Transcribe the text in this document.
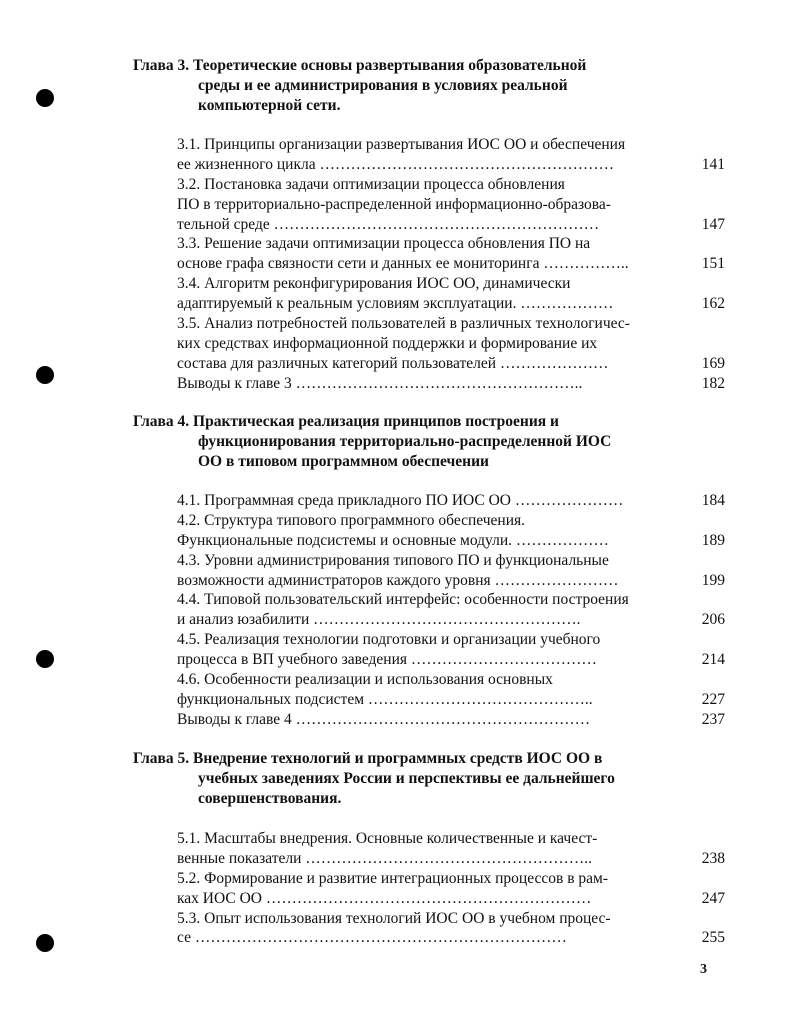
Глава 3. Теоретические основы развертывания образовательной
среды и ее администрирования в условиях реальной
компьютерной сети.
3.1. Принципы организации развертывания ИОС ОО и обеспечения
ее жизненного цикла …………………………………………………	141
3.2. Постановка задачи оптимизации процесса обновления
ПО в территориально-распределенной информационно-образова-
тельной среде ………………………………………………………	147
3.3. Решение задачи оптимизации процесса обновления ПО на
основе графа связности сети и данных ее мониторинга ……………..	151
3.4. Алгоритм реконфигурирования ИОС ОО, динамически
адаптируемый к реальным условиям эксплуатации. ………………	162
3.5. Анализ потребностей пользователей в различных технологичес-
ких средствах информационной поддержки и формирование их
состава для различных категорий пользователей …………………	169
Выводы к главе 3 ………………………………………………..	182
Глава 4. Практическая реализация принципов построения и
функционирования территориально-распределенной ИОС
ОО в типовом программном обеспечении
4.1. Программная среда прикладного ПО ИОС ОО …………………	184
4.2. Структура типового программного обеспечения.
Функциональные подсистемы и основные модули. ………………	189
4.3. Уровни администрирования типового ПО и функциональные
возможности администраторов каждого уровня ……………………	199
4.4. Типовой пользовательский интерфейс: особенности построения
и анализ юзабилити …………………………………………….	206
4.5. Реализация технологии подготовки и организации учебного
процесса в ВП учебного заведения ………………………………	214
4.6. Особенности реализации и использования основных
функциональных подсистем ……………………………………..	227
Выводы к главе 4 …………………………………………………	237
Глава 5. Внедрение технологий и программных средств ИОС ОО в
учебных заведениях России и перспективы ее дальнейшего
совершенствования.
5.1. Масштабы внедрения. Основные количественные и качест-
венные показатели ………………………………………………..	238
5.2. Формирование и развитие интеграционных процессов в рам-
ках ИОС ОО ………………………………………………………	247
5.3. Опыт использования технологий ИОС ОО в учебном процес-
се ………………………………………………………………	255
3
